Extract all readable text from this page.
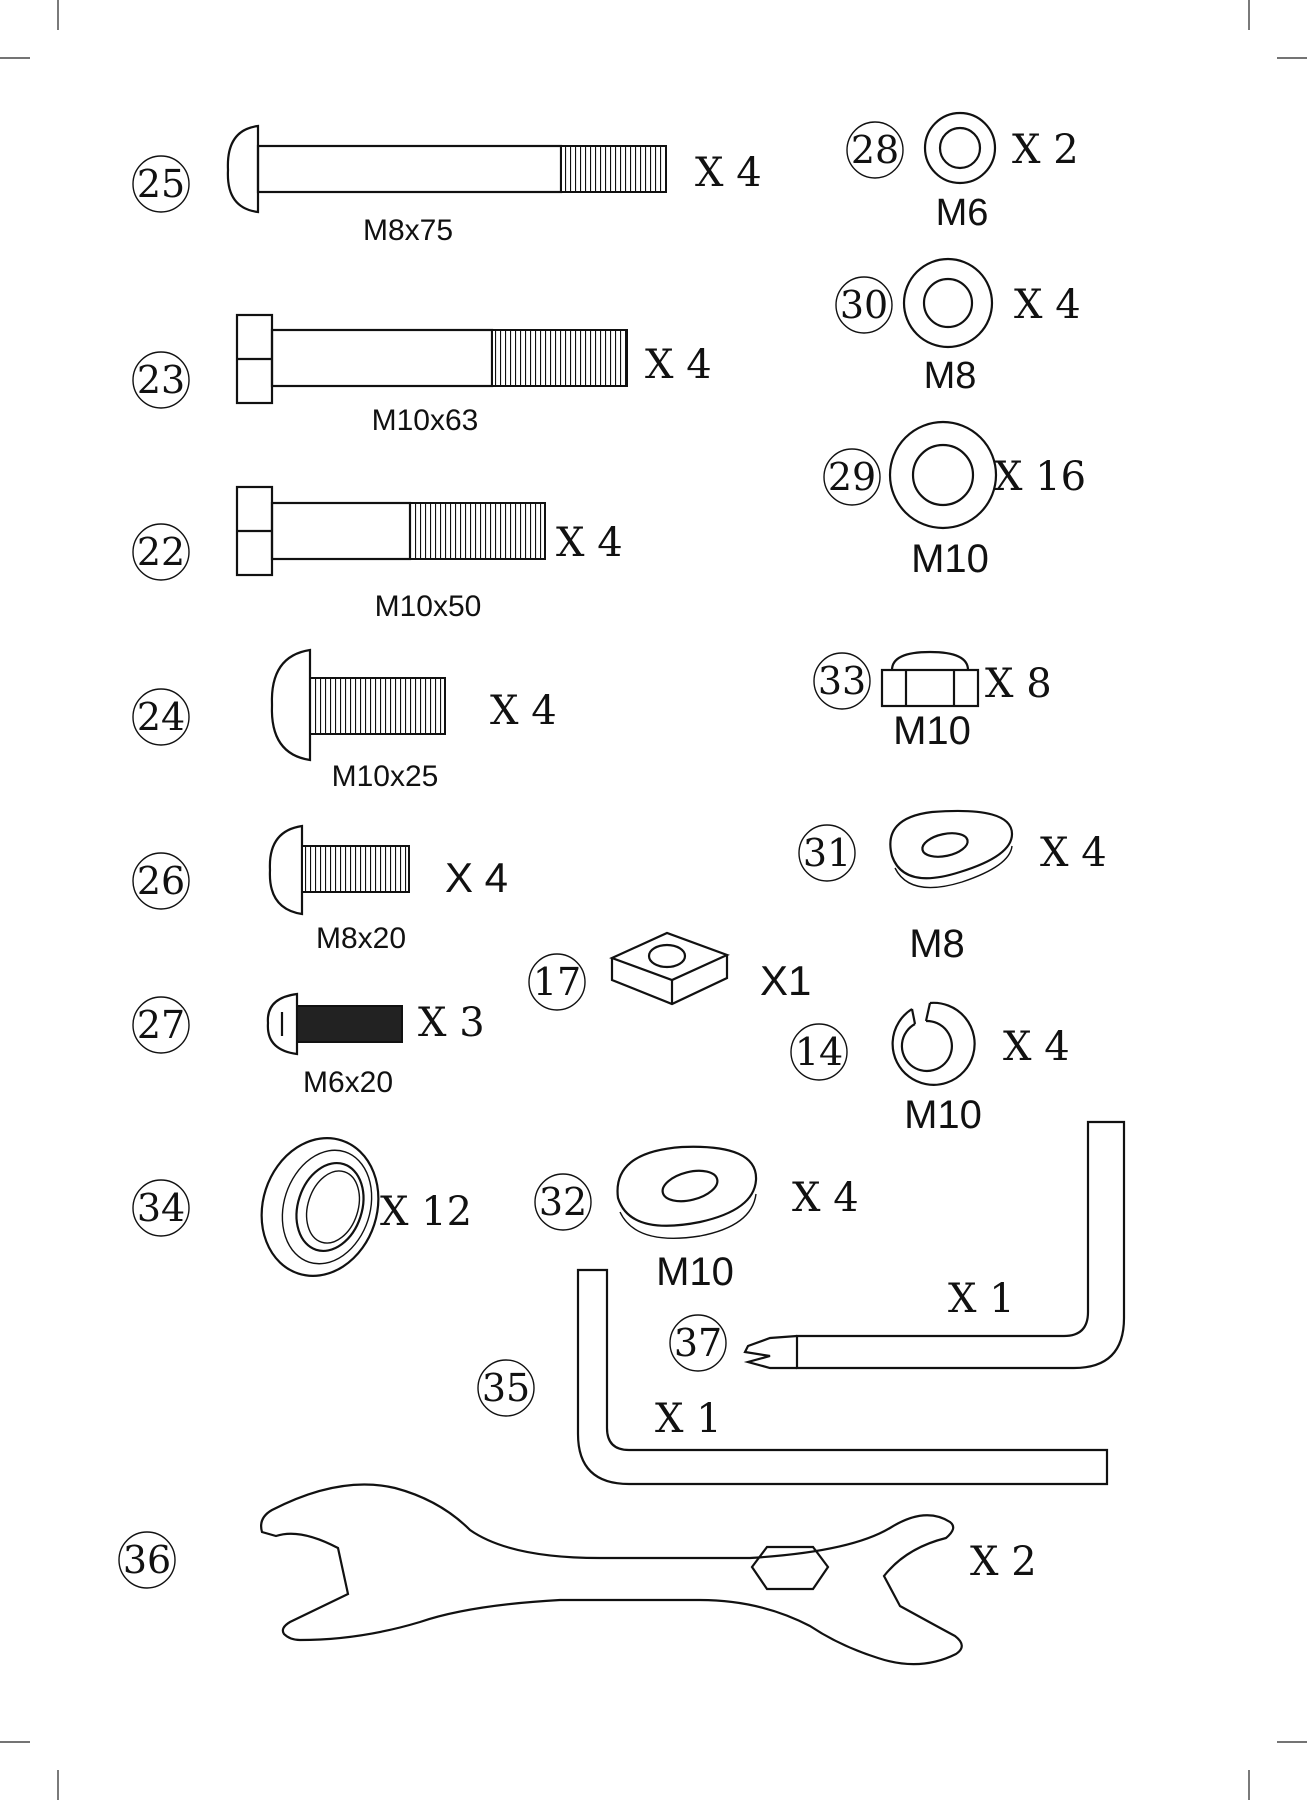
25
M8x75
X 4
23
M10x63
X 4
22
M10x50
X 4
24
M10x25
X 4
26
M8x20
X 4
27
M6x20
X 3
34	X 12
28
M6
X 2
30
M8
X 4
29
M10
X 16
33
M10
X 8
31
M8
X 4
17	X1
14
M10
X 4
32
M10
X 4
37
X 1
35
X 1
36	X 2
